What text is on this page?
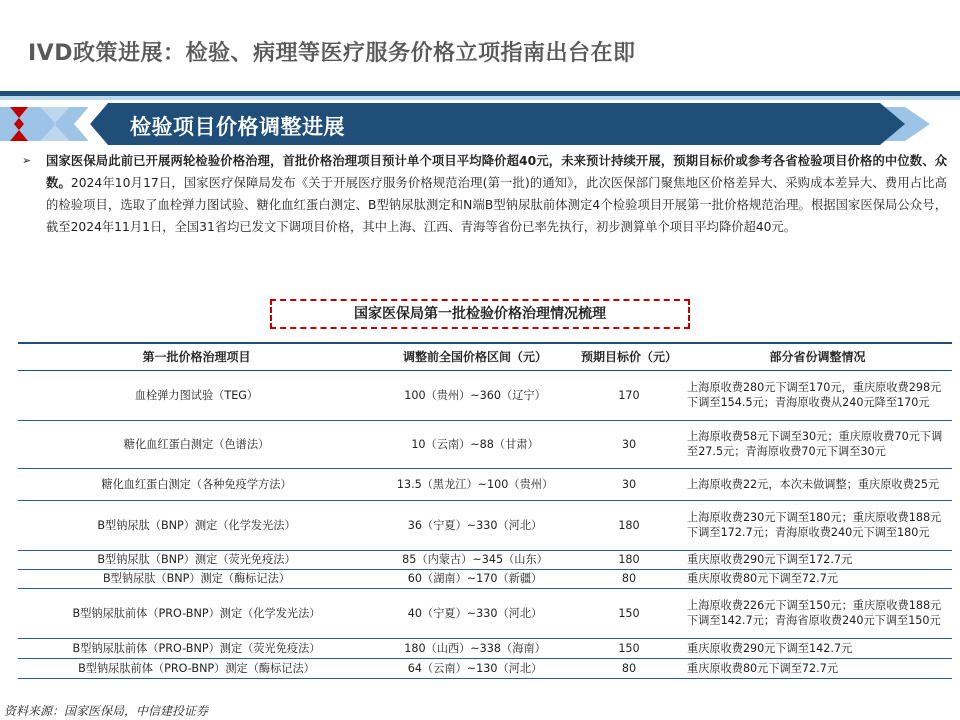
IVD政策进展：检验、病理等医疗服务价格立项指南出台在即
检验项目价格调整进展
➢	国家医保局此前已开展两轮检验价格治理，首批价格治理项目预计单个项目平均降价超40元，未来预计持续开展，预期目标价或参考各省检验项目价格的中位数、众数。2024年10月17日，国家医疗保障局发布《关于开展医疗服务价格规范治理(第一批)的通知》，此次医保部门聚焦地区价格差异大、采购成本差异大、费用占比高的检验项目，选取了血栓弹力图试验、糖化血红蛋白测定、B型钠尿肽测定和N端B型钠尿肽前体测定4个检验项目开展第一批价格规范治理。根据国家医保局公众号，截至2024年11月1日，全国31省均已发文下调项目价格，其中上海、江西、青海等省份已率先执行，初步测算单个项目平均降价超40元。

国家医保局第一批检验价格治理情况梳理
第一批价格治理项目	调整前全国价格区间（元）	预期目标价（元）	部分省份调整情况
血栓弹力图试验（TEG）	100（贵州）~360（辽宁）	170	上海原收费280元下调至170元，重庆原收费298元下调至154.5元；青海原收费从240元降至170元
糖化血红蛋白测定（色谱法）	10（云南）~88（甘肃）	30	上海原收费58元下调至30元；重庆原收费70元下调至27.5元；青海原收费70元下调至30元
糖化血红蛋白测定（各种免疫学方法）	13.5（黑龙江）~100（贵州）	30	上海原收费22元，本次未做调整；重庆原收费25元
B型钠尿肽（BNP）测定（化学发光法）	36（宁夏）~330（河北）	180	上海原收费230元下调至180元；重庆原收费188元下调至172.7元；青海原收费240元下调至180元
B型钠尿肽（BNP）测定（荧光免疫法）	85（内蒙古）~345（山东）	180	重庆原收费290元下调至172.7元
B型钠尿肽（BNP）测定（酶标记法）	60（湖南）~170（新疆）	80	重庆原收费80元下调至72.7元
B型钠尿肽前体（PRO-BNP）测定（化学发光法）	40（宁夏）~330（河北）	150	上海原收费226元下调至150元；重庆原收费188元下调至142.7元；青海省原收费240元下调至150元
B型钠尿肽前体（PRO-BNP）测定（荧光免疫法）	180（山西）~338（海南）	150	重庆原收费290元下调至142.7元
B型钠尿肽前体（PRO-BNP）测定（酶标记法）	64（云南）~130（河北）	80	重庆原收费80元下调至72.7元
资料来源：国家医保局，中信建投证券
